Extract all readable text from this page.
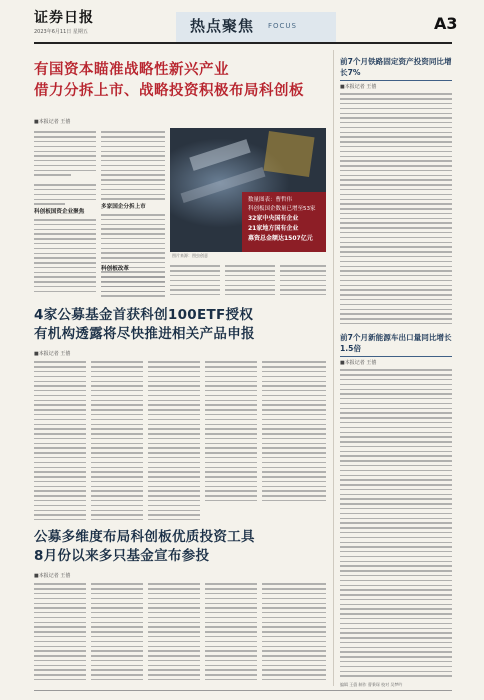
证券日报
2023年6月11日 星期五	热点聚焦 FOCUS	A3
有国资本瞄准战略性新兴产业
借力分拆上市、战略投资积极布局科创板
■本报记者 王僖
科创板国资企业聚焦
多家国企分拆上市
数量图表：曹哲伟
科创板国企数量已增至53家
32家中央国有企业
21家地方国有企业
募资总金额达1507亿元
图片来源：图虫创意
科创板改革
4家公募基金首获科创100ETF授权
有机构透露将尽快推进相关产品申报
■本报记者 王僖
公募多维度布局科创板优质投资工具
8月份以来多只基金宣布参投
■本报记者 王僖
前7个月铁路固定资产投资同比增长7%
■本报记者 王僖
前7个月新能源车出口量同比增长1.5倍
■本报记者 王僖
编辑 王僖 制作 曹秉琛 校对 吴梦吟
